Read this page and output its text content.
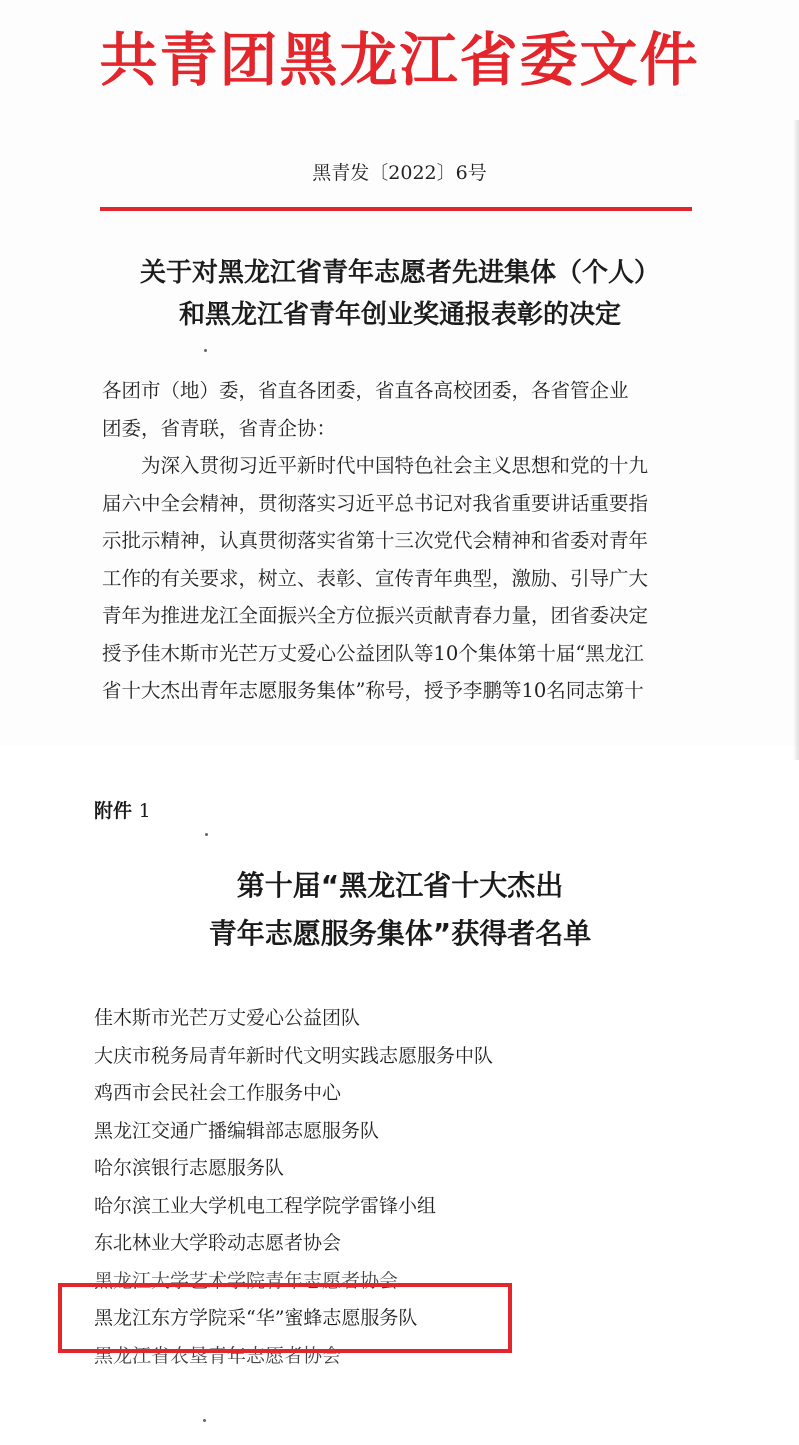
共青团黑龙江省委文件
黑青发〔2022〕6号
关于对黑龙江省青年志愿者先进集体（个人）
和黑龙江省青年创业奖通报表彰的决定

各团市（地）委，省直各团委，省直各高校团委，各省管企业

团委，省青联，省青企协：

为深入贯彻习近平新时代中国特色社会主义思想和党的十九

届六中全会精神，贯彻落实习近平总书记对我省重要讲话重要指

示批示精神，认真贯彻落实省第十三次党代会精神和省委对青年

工作的有关要求，树立、表彰、宣传青年典型，激励、引导广大

青年为推进龙江全面振兴全方位振兴贡献青春力量，团省委决定

授予佳木斯市光芒万丈爱心公益团队等10个集体第十届“黑龙江

省十大杰出青年志愿服务集体”称号，授予李鹏等10名同志第十

附件 1
第十届“黑龙江省十大杰出
青年志愿服务集体”获得者名单
佳木斯市光芒万丈爱心公益团队
大庆市税务局青年新时代文明实践志愿服务中队
鸡西市会民社会工作服务中心
黑龙江交通广播编辑部志愿服务队
哈尔滨银行志愿服务队
哈尔滨工业大学机电工程学院学雷锋小组
东北林业大学聆动志愿者协会
黑龙江大学艺术学院青年志愿者协会
黑龙江东方学院采“华”蜜蜂志愿服务队
黑龙江省农垦青年志愿者协会
